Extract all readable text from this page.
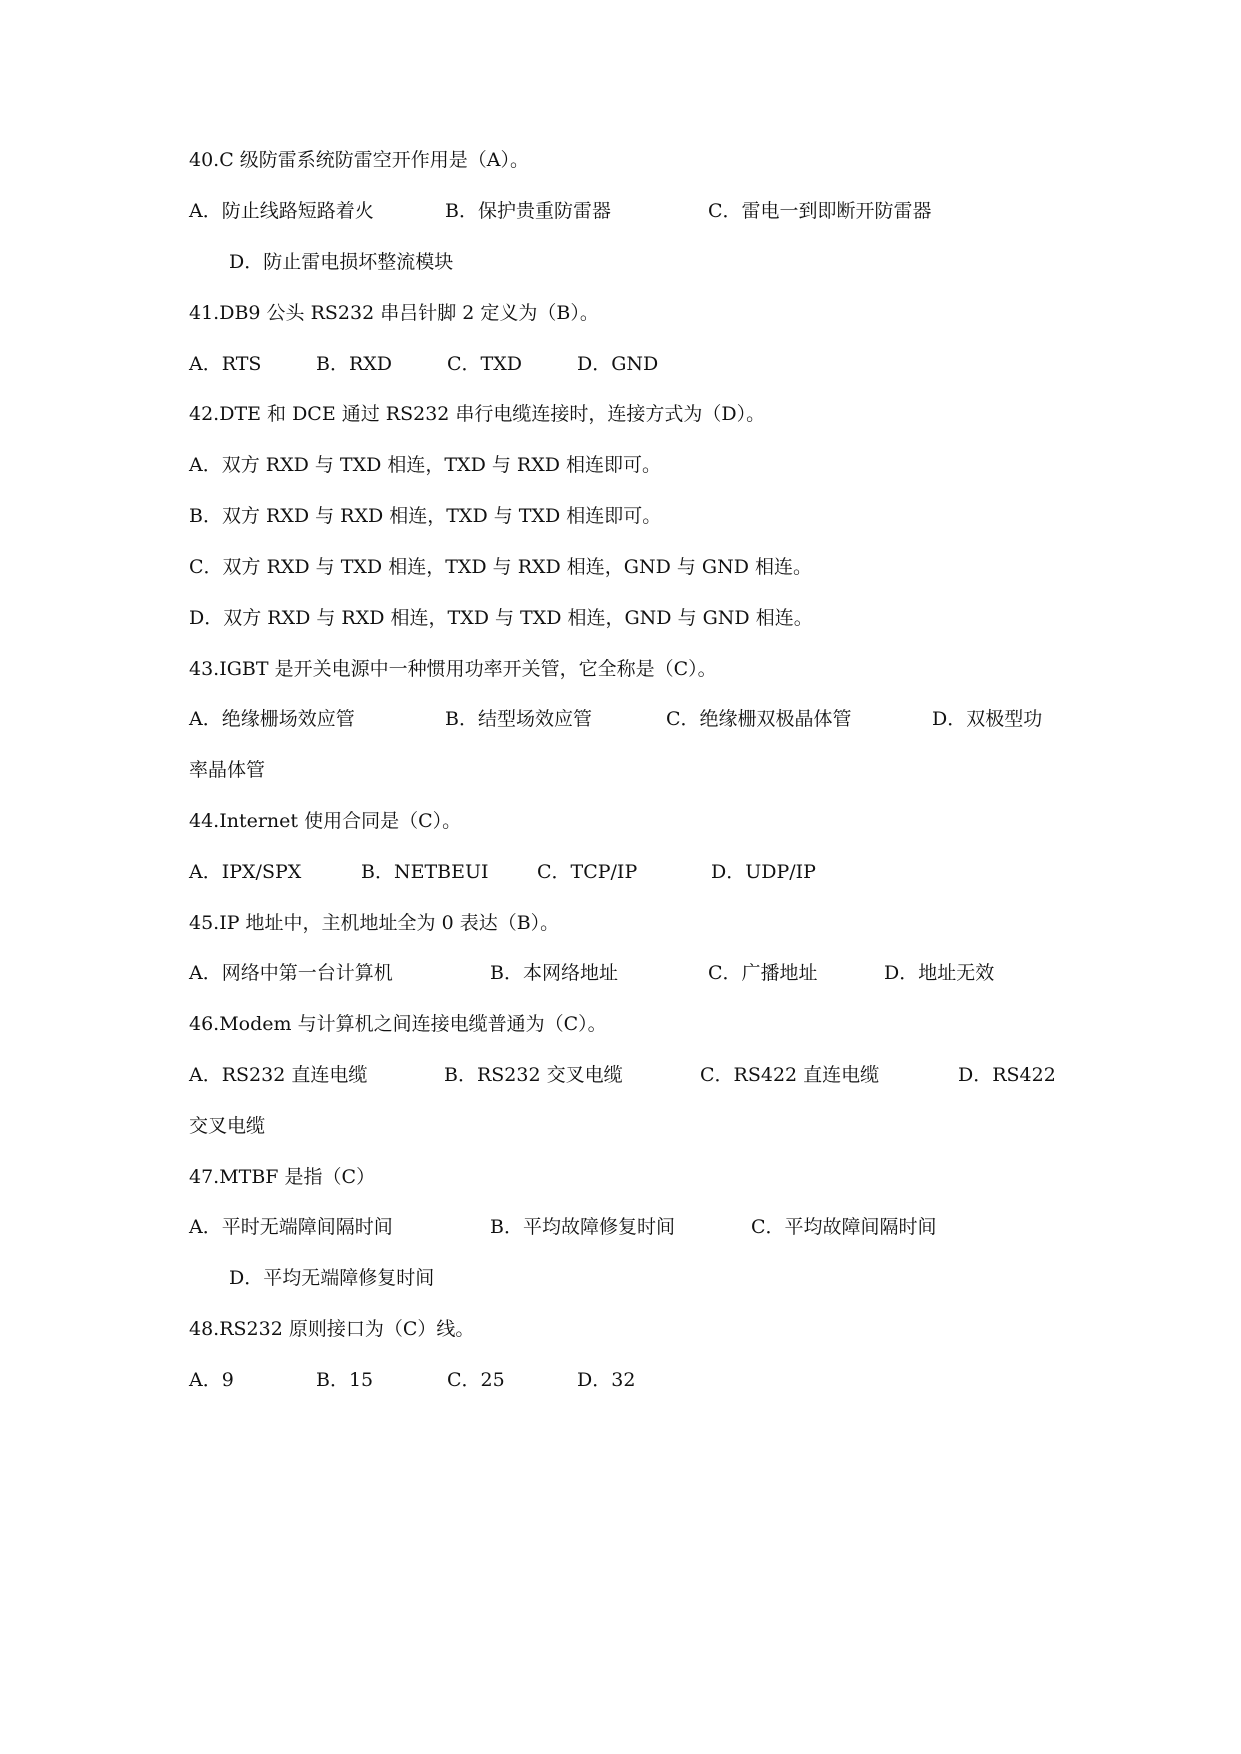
40.C 级防雷系统防雷空开作用是（A）。
A．防止线路短路着火	B．保护贵重防雷器	C．雷电一到即断开防雷器
D．防止雷电损坏整流模块
41.DB9 公头 RS232 串吕针脚 2 定义为（B）。
A．RTS	B．RXD	C．TXD	D．GND
42.DTE 和 DCE 通过 RS232 串行电缆连接时，连接方式为（D）。
A．双方 RXD 与 TXD 相连，TXD 与 RXD 相连即可。
B．双方 RXD 与 RXD 相连，TXD 与 TXD 相连即可。
C．双方 RXD 与 TXD 相连，TXD 与 RXD 相连，GND 与 GND 相连。
D．双方 RXD 与 RXD 相连，TXD 与 TXD 相连，GND 与 GND 相连。
43.IGBT 是开关电源中一种惯用功率开关管，它全称是（C）。
A．绝缘栅场效应管	B．结型场效应管	C．绝缘栅双极晶体管	D．双极型功
率晶体管
44.Internet 使用合同是（C）。
A．IPX/SPX	B．NETBEUI	C．TCP/IP	D．UDP/IP
45.IP 地址中，主机地址全为 0 表达（B）。
A．网络中第一台计算机	B．本网络地址	C．广播地址	D．地址无效
46.Modem 与计算机之间连接电缆普通为（C）。
A．RS232 直连电缆	B．RS232 交叉电缆	C．RS422 直连电缆	D．RS422
交叉电缆
47.MTBF 是指（C）
A．平时无端障间隔时间	B．平均故障修复时间	C．平均故障间隔时间
D．平均无端障修复时间
48.RS232 原则接口为（C）线。
A．9	B．15	C．25	D．32
